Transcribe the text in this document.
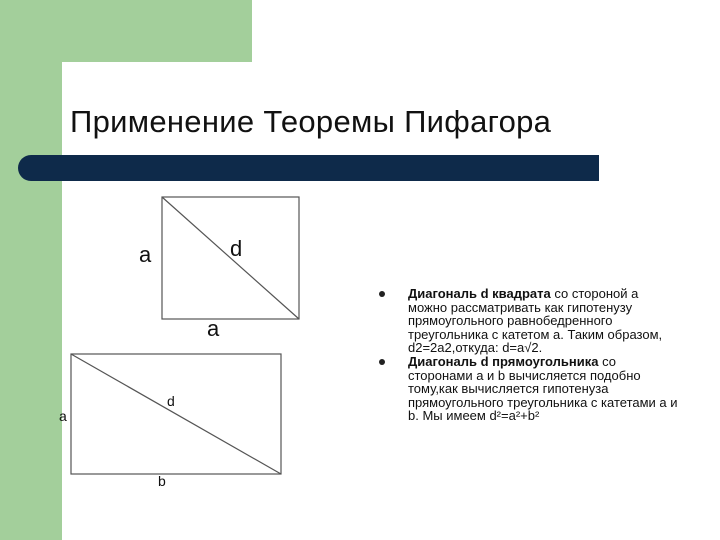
Применение Теоремы Пифагора
a	d
a
a
d
b

Диагональ d квадрата со стороной а можно рассматривать как гипотенузу прямоугольного равнобедренного треугольника с катетом а. Таким образом, d2=2a2,откуда: d=a√2.

Диагональ d прямоугольника со сторонами a и b вычисляется подобно тому,как вычисляется гипотенуза прямоугольного треугольника с катетами а и b. Мы имеем d²=a²+b²
